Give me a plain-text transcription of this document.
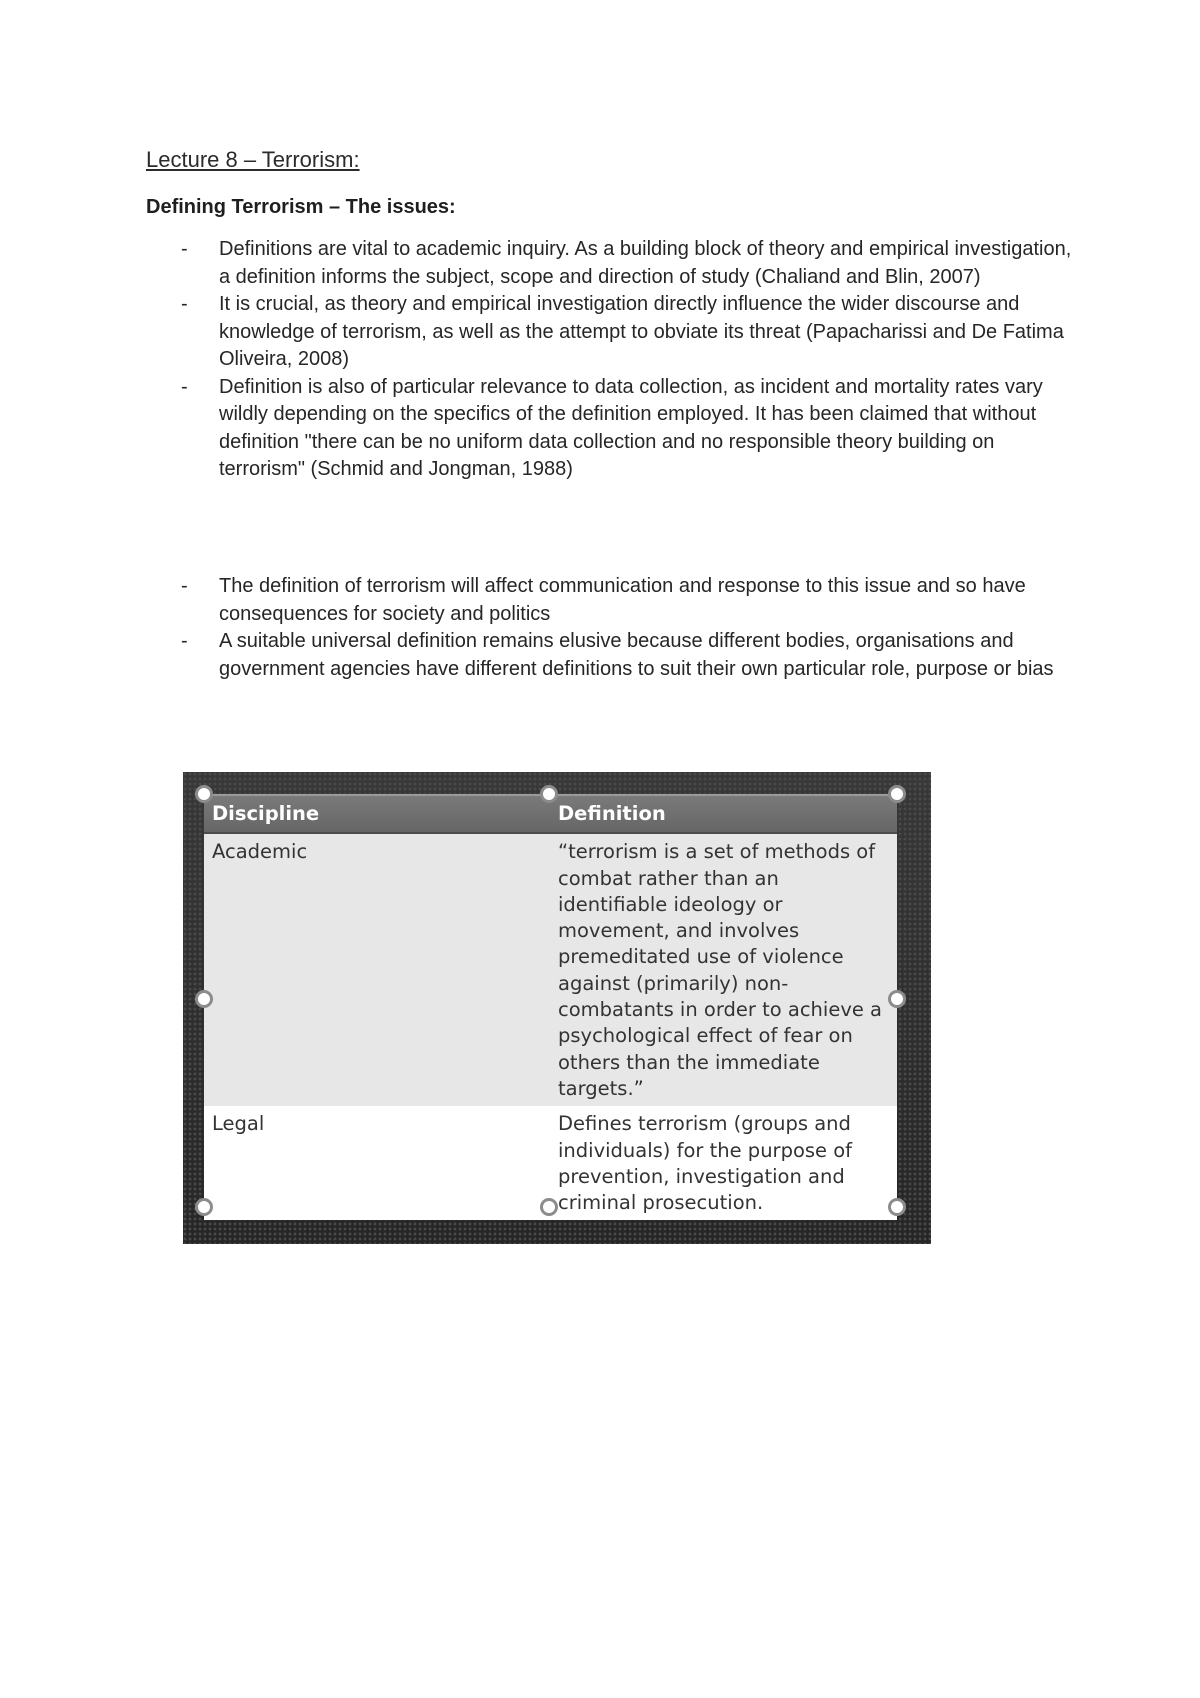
Lecture 8 – Terrorism:
Defining Terrorism – The issues:
- Definitions are vital to academic inquiry. As a building block of theory and empirical investigation, a definition informs the subject, scope and direction of study (Chaliand and Blin, 2007)
- It is crucial, as theory and empirical investigation directly influence the wider discourse and knowledge of terrorism, as well as the attempt to obviate its threat (Papacharissi and De Fatima Oliveira, 2008)
- Definition is also of particular relevance to data collection, as incident and mortality rates vary wildly depending on the specifics of the definition employed. It has been claimed that without definition "there can be no uniform data collection and no responsible theory building on terrorism" (Schmid and Jongman, 1988)
- The definition of terrorism will affect communication and response to this issue and so have consequences for society and politics
- A suitable universal definition remains elusive because different bodies, organisations and government agencies have different definitions to suit their own particular role, purpose or bias
Discipline	Definition
Academic	“terrorism is a set of methods of combat rather than an identifiable ideology or movement, and involves premeditated use of violence against (primarily) non-combatants in order to achieve a psychological effect of fear on others than the immediate targets.”
Legal	Defines terrorism (groups and individuals) for the purpose of prevention, investigation and criminal prosecution.
